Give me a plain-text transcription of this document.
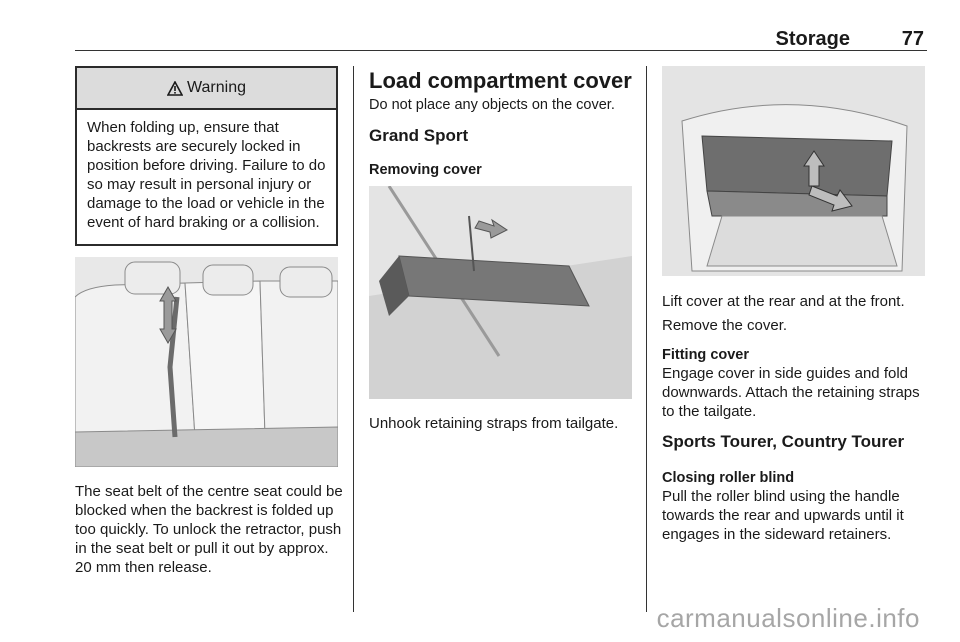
Storage	77
Warning
When folding up, ensure that backrests are securely locked in position before driving. Failure to do so may result in personal injury or damage to the load or vehicle in the event of hard braking or a collision.
The seat belt of the centre seat could be blocked when the backrest is folded up too quickly. To unlock the retractor, push in the seat belt or pull it out by approx. 20 mm then release.
Load compartment cover
Do not place any objects on the cover.
Grand Sport
Removing cover
Unhook retaining straps from tailgate.
Lift cover at the rear and at the front.
Remove the cover.
Fitting cover
Engage cover in side guides and fold downwards. Attach the retaining straps to the tailgate.
Sports Tourer, Country Tourer
Closing roller blind
Pull the roller blind using the handle towards the rear and upwards until it engages in the sideward retainers.
carmanualsonline.info
